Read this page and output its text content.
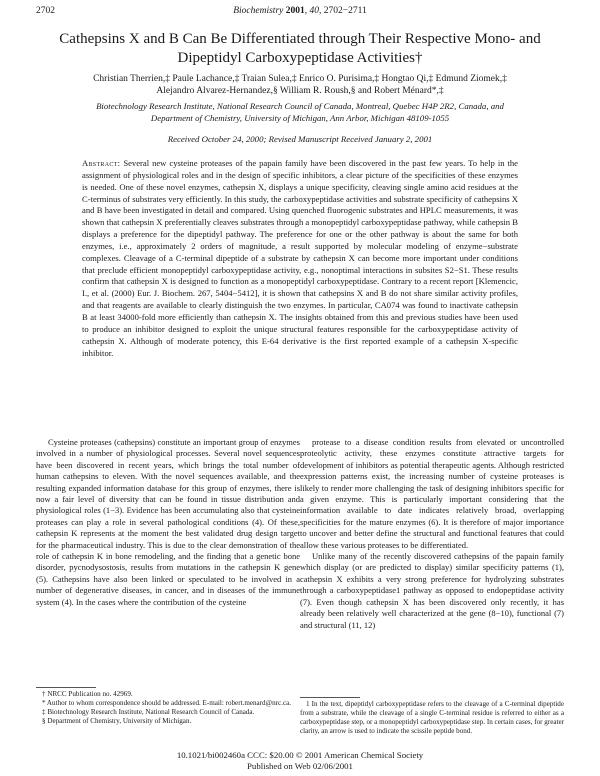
2702	Biochemistry 2001, 40, 2702−2711
Cathepsins X and B Can Be Differentiated through Their Respective Mono- and
Dipeptidyl Carboxypeptidase Activities†
Christian Therrien,‡ Paule Lachance,‡ Traian Sulea,‡ Enrico O. Purisima,‡ Hongtao Qi,‡ Edmund Ziomek,‡
Alejandro Alvarez-Hernandez,§ William R. Roush,§ and Robert Ménard*,‡
Biotechnology Research Institute, National Research Council of Canada, Montreal, Quebec H4P 2R2, Canada, and
Department of Chemistry, University of Michigan, Ann Arbor, Michigan 48109-1055
Received October 24, 2000; Revised Manuscript Received January 2, 2001
Abstract: Several new cysteine proteases of the papain family have been discovered in the past few years. To help in the assignment of physiological roles and in the design of specific inhibitors, a clear picture of the specificities of these enzymes is needed. One of these novel enzymes, cathepsin X, displays a unique specificity, cleaving single amino acid residues at the C-terminus of substrates very efficiently. In this study, the carboxypeptidase activities and substrate specificity of cathepsins X and B have been investigated in detail and compared. Using quenched fluorogenic substrates and HPLC measurements, it was shown that cathepsin X preferentially cleaves substrates through a monopeptidyl carboxypeptidase pathway, while cathepsin B displays a preference for the dipeptidyl pathway. The preference for one or the other pathway is about the same for both enzymes, i.e., approximately 2 orders of magnitude, a result supported by molecular modeling of enzyme−substrate complexes. Cleavage of a C-terminal dipeptide of a substrate by cathepsin X can become more important under conditions that preclude efficient monopeptidyl carboxypeptidase activity, e.g., nonoptimal interactions in subsites S2−S1. These results confirm that cathepsin X is designed to function as a monopeptidyl carboxypeptidase. Contrary to a recent report [Klemencic, I., et al. (2000) Eur. J. Biochem. 267, 5404−5412], it is shown that cathepsins X and B do not share similar activity profiles, and that reagents are available to clearly distinguish the two enzymes. In particular, CA074 was found to inactivate cathepsin B at least 34000-fold more efficiently than cathepsin X. The insights obtained from this and previous studies have been used to produce an inhibitor designed to exploit the unique structural features responsible for the carboxypeptidase activity of cathepsin X. Although of moderate potency, this E-64 derivative is the first reported example of a cathepsin X-specific inhibitor.

Cysteine proteases (cathepsins) constitute an important group of enzymes involved in a number of physiological processes. Several novel sequences have been discovered in recent years, which brings the total number of human cathepsins to eleven. With the novel sequences available, and the resulting expanded information database for this group of enzymes, there is now a fair level of diversity that can be found in tissue distribution and physiological roles (1−3). Evidence has been accumulating also that cysteine proteases can play a role in several pathological conditions (4). Of these, cathepsin K represents at the moment the best validated drug design target for the pharmaceutical industry. This is due to the clear demonstration of the role of cathepsin K in bone remodeling, and the finding that a genetic bone disorder, pycnodysostosis, results from mutations in the cathepsin K gene (5). Cathepsins have also been linked or speculated to be involved in a number of degenerative diseases, in cancer, and in diseases of the immune system (4). In the cases where the contribution of the cysteine

protease to a disease condition results from elevated or uncontrolled proteolytic activity, these enzymes constitute attractive targets for development of inhibitors as potential therapeutic agents. Although restricted expression patterns exist, the increasing number of cysteine proteases is likely to render more challenging the task of designing inhibitors specific for a given enzyme. This is particularly important considering that the information available to date indicates relatively broad, overlapping specificities for the mature enzymes (6). It is therefore of major importance to uncover and better define the structural and functional features that could allow these various proteases to be differentiated.

Unlike many of the recently discovered cathepsins of the papain family which display (or are predicted to display) similar specificity patterns (1), cathepsin X exhibits a very strong preference for hydrolyzing substrates through a carboxypeptidase1 pathway as opposed to endopeptidase activity (7). Even though cathepsin X has been discovered only recently, it has already been relatively well characterized at the gene (8−10), functional (7) and structural (11, 12)

† NRCC Publication no. 42969.

* Author to whom correspondence should be addressed. E-mail: robert.menard@nrc.ca.

‡ Biotechnology Research Institute, National Research Council of Canada.

§ Department of Chemistry, University of Michigan.

1 In the text, dipeptidyl carboxypeptidase refers to the cleavage of a C-terminal dipeptide from a substrate, while the cleavage of a single C-terminal residue is referred to either as a carboxypeptidase step, or a monopeptidyl carboxypeptidase step. In certain cases, for greater clarity, an arrow is used to indicate the scissile peptide bond.

10.1021/bi002460a CCC: $20.00 © 2001 American Chemical Society
Published on Web 02/06/2001
